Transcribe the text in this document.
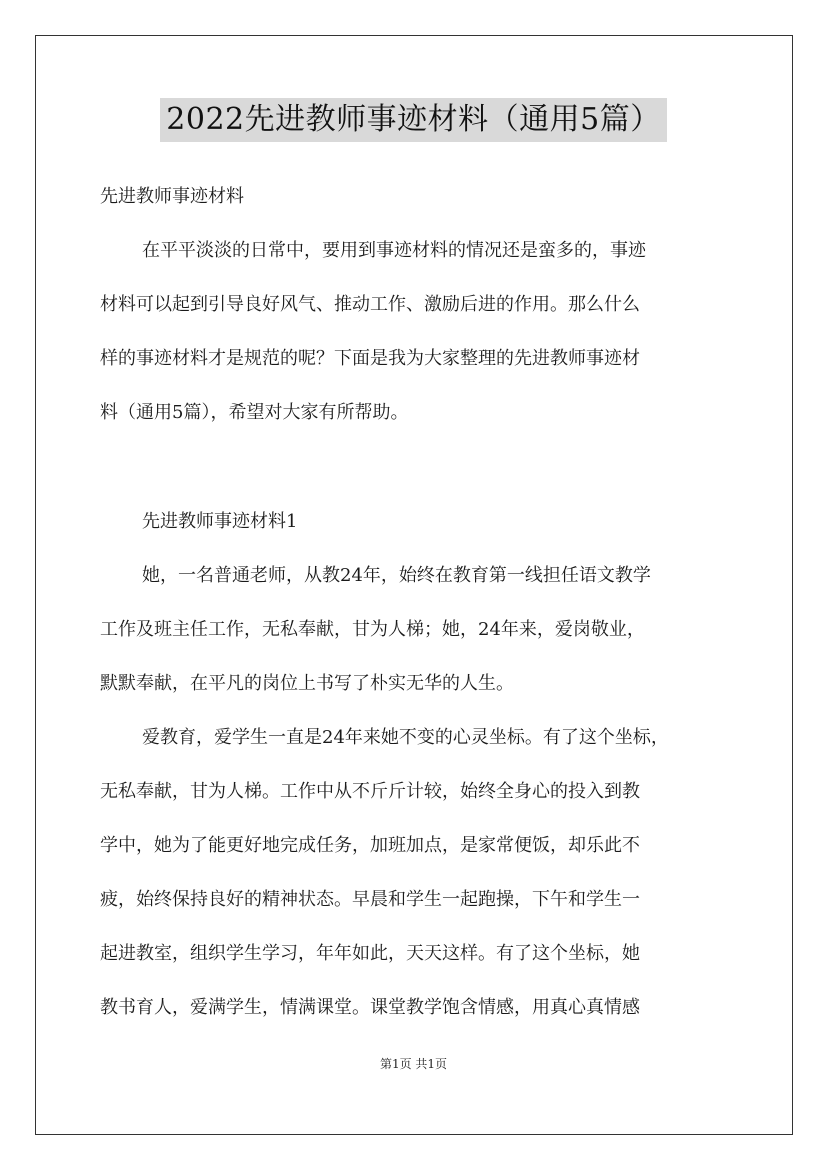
2022先进教师事迹材料（通用5篇）
先进教师事迹材料
在平平淡淡的日常中，要用到事迹材料的情况还是蛮多的，事迹
材料可以起到引导良好风气、推动工作、激励后进的作用。那么什么
样的事迹材料才是规范的呢？下面是我为大家整理的先进教师事迹材
料（通用5篇），希望对大家有所帮助。
先进教师事迹材料1
她，一名普通老师，从教24年，始终在教育第一线担任语文教学
工作及班主任工作，无私奉献，甘为人梯；她，24年来，爱岗敬业，
默默奉献，在平凡的岗位上书写了朴实无华的人生。
爱教育，爱学生一直是24年来她不变的心灵坐标。有了这个坐标，
无私奉献，甘为人梯。工作中从不斤斤计较，始终全身心的投入到教
学中，她为了能更好地完成任务，加班加点，是家常便饭，却乐此不
疲，始终保持良好的精神状态。早晨和学生一起跑操，下午和学生一
起进教室，组织学生学习，年年如此，天天这样。有了这个坐标，她
教书育人，爱满学生，情满课堂。课堂教学饱含情感，用真心真情感
第1页 共1页
